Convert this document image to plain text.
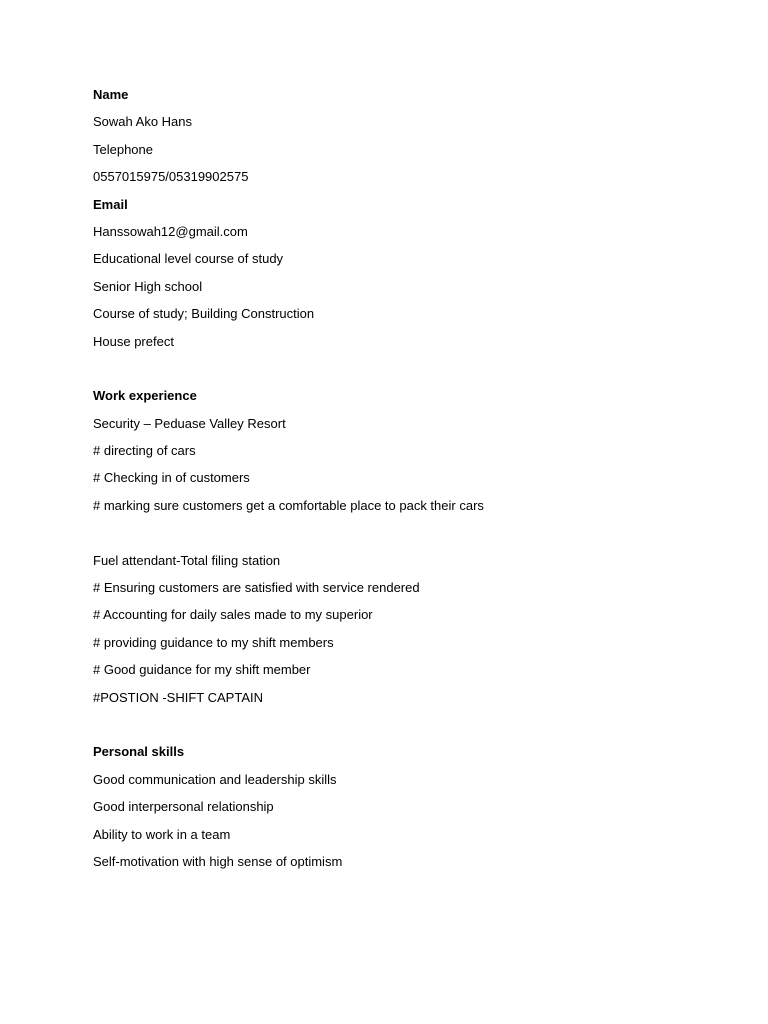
Name
Sowah Ako Hans
Telephone
0557015975/05319902575
Email
Hanssowah12@gmail.com
Educational level course of study
Senior High school
Course of study; Building Construction
House prefect
Work experience
Security – Peduase Valley Resort
# directing of cars
# Checking in of customers
# marking sure customers get a comfortable place to pack their cars
Fuel attendant-Total filing station
# Ensuring customers are satisfied with service rendered
# Accounting for daily sales made to my superior
# providing guidance to my shift members
# Good guidance for my shift member
#POSTION -SHIFT CAPTAIN
Personal skills
Good communication and leadership skills
Good interpersonal relationship
Ability to work in a team
Self-motivation with high sense of optimism
